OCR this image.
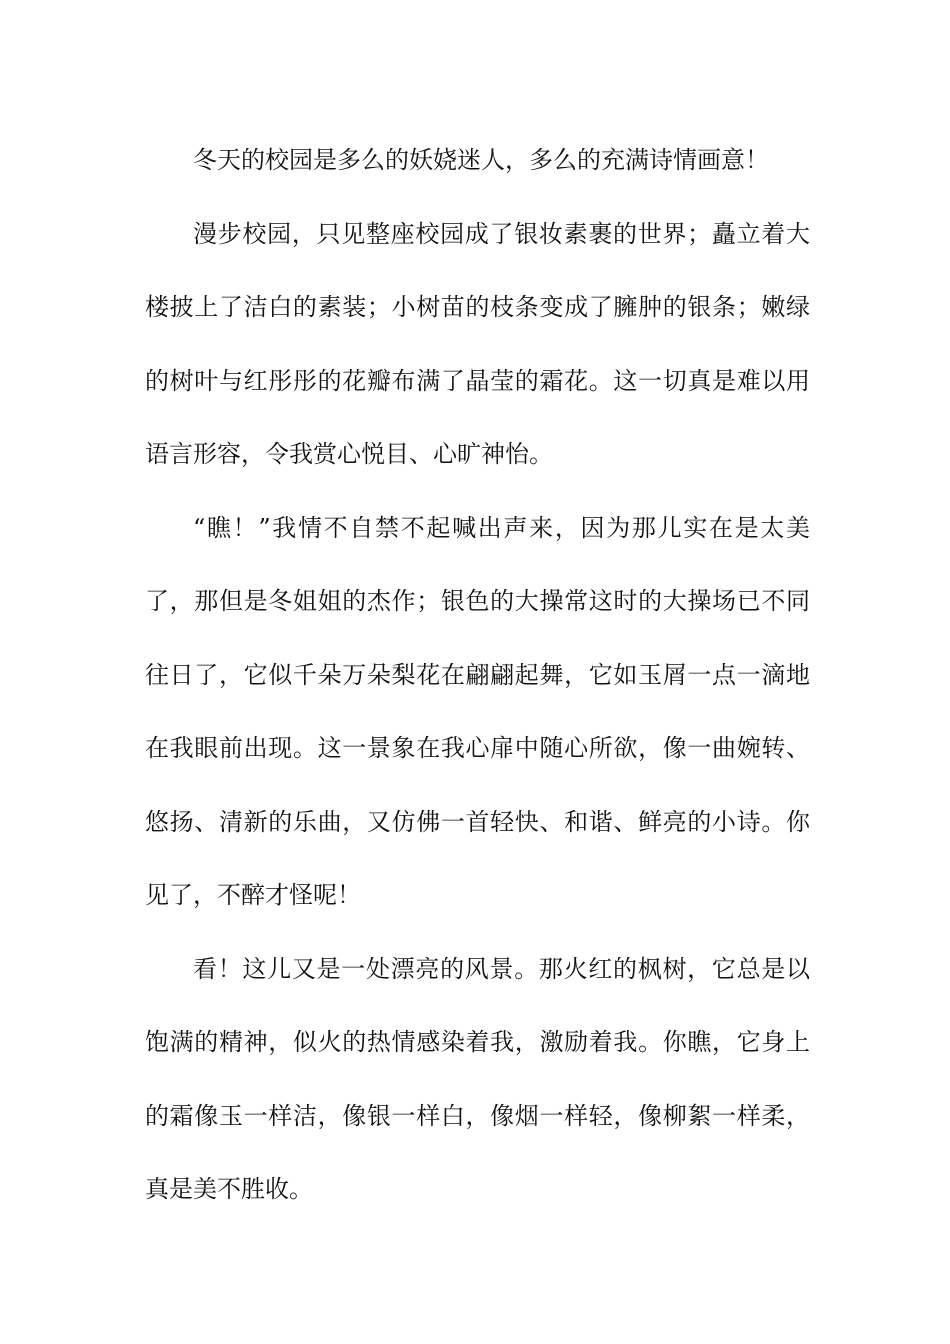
冬天的校园是多么的妖娆迷人，多么的充满诗情画意！

漫步校园，只见整座校园成了银妆素裹的世界；矗立着大楼披上了洁白的素装；小树苗的枝条变成了臃肿的银条；嫩绿的树叶与红彤彤的花瓣布满了晶莹的霜花。这一切真是难以用语言形容，令我赏心悦目、心旷神怡。

“瞧！”我情不自禁不起喊出声来，因为那儿实在是太美了，那但是冬姐姐的杰作；银色的大操常这时的大操场已不同往日了，它似千朵万朵梨花在翩翩起舞，它如玉屑一点一滴地在我眼前出现。这一景象在我心扉中随心所欲，像一曲婉转、悠扬、清新的乐曲，又仿佛一首轻快、和谐、鲜亮的小诗。你见了，不醉才怪呢！

看！这儿又是一处漂亮的风景。那火红的枫树，它总是以饱满的精神，似火的热情感染着我，激励着我。你瞧，它身上的霜像玉一样洁，像银一样白，像烟一样轻，像柳絮一样柔，真是美不胜收。
